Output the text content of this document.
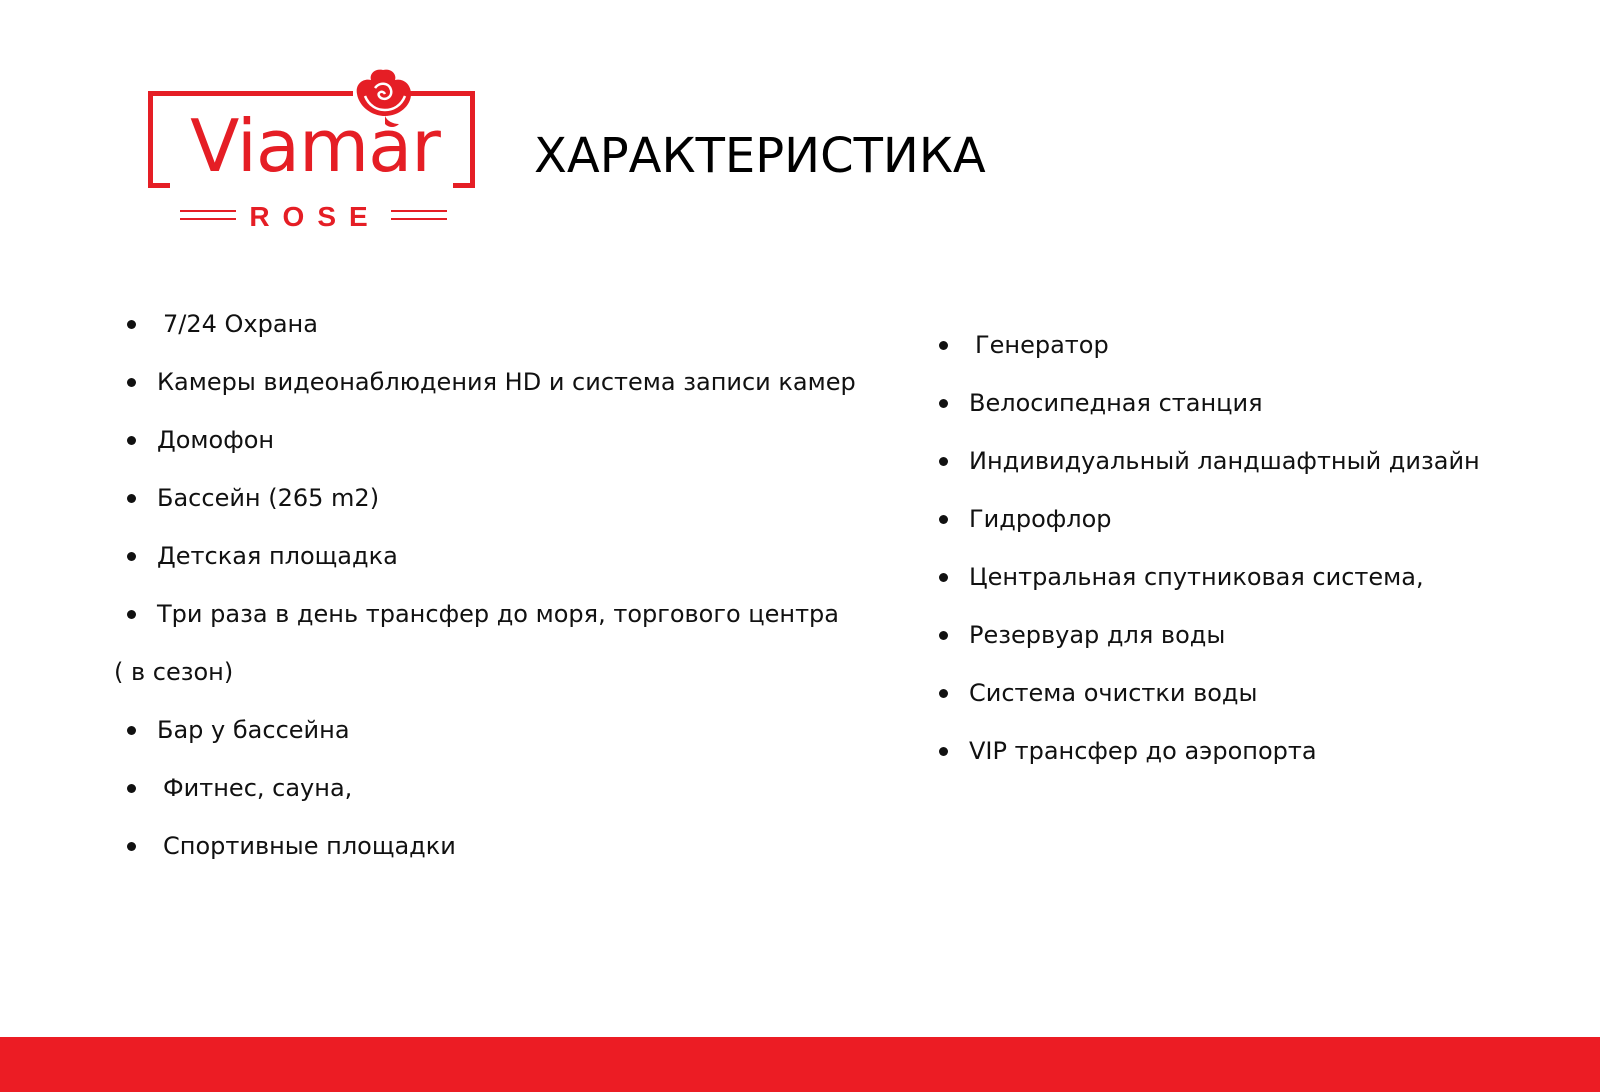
Viamar
ROSE
ХАРАКТЕРИСТИКА
7/24 Охрана
Камеры видеонаблюдения HD и система записи камер
Домофон
Бассейн (265 m2)
Детская площадка
Три раза в день трансфер до моря, торгового центра
( в сезон)
Бар у бассейна
Фитнес, сауна,
Спортивные площадки
Генератор
Велосипедная станция
Индивидуальный ландшафтный дизайн
Гидрофлор
Центральная спутниковая система,
Резервуар для воды
Система очистки воды
VIP трансфер до аэропорта
